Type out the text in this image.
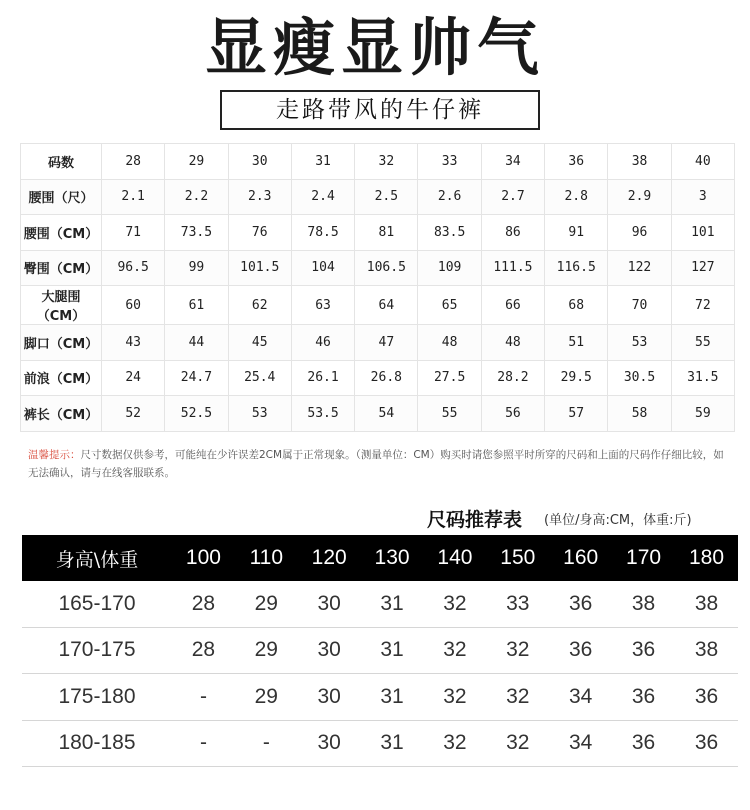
显瘦显帅气
走路带风的牛仔裤
码数	28	29	30	31	32	33	34	36	38	40
腰围（尺）	2.1	2.2	2.3	2.4	2.5	2.6	2.7	2.8	2.9	3
腰围（CM）	71	73.5	76	78.5	81	83.5	86	91	96	101
臀围（CM）	96.5	99	101.5	104	106.5	109	111.5	116.5	122	127
大腿围（CM）	60	61	62	63	64	65	66	68	70	72
脚口（CM）	43	44	45	46	47	48	48	51	53	55
前浪（CM）	24	24.7	25.4	26.1	26.8	27.5	28.2	29.5	30.5	31.5
裤长（CM）	52	52.5	53	53.5	54	55	56	57	58	59
温馨提示：尺寸数据仅供参考，可能纯在少许误差2CM属于正常现象。（测量单位：CM）购买时请您参照平时所穿的尺码和上面的尺码作仔细比较，如无法确认，请与在线客服联系。
尺码推荐表 (单位/身高:CM，体重:斤)
身高\体重	100	110	120	130	140	150	160	170	180
165-170	28	29	30	31	32	33	36	38	38
170-175	28	29	30	31	32	32	36	36	38
175-180	-	29	30	31	32	32	34	36	36
180-185	-	-	30	31	32	32	34	36	36
